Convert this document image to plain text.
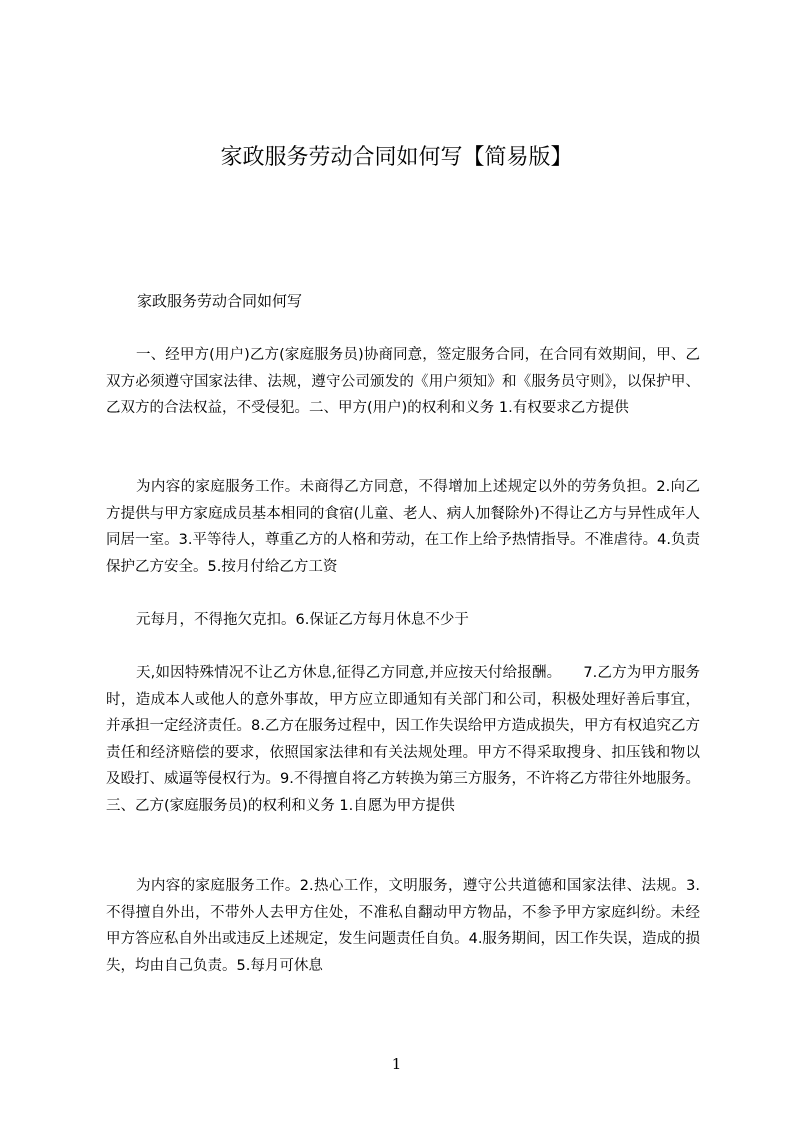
家政服务劳动合同如何写【简易版】

家政服务劳动合同如何写

一、经甲方(用户)乙方(家庭服务员)协商同意，签定服务合同，在合同有效期间，甲、乙双方必须遵守国家法律、法规，遵守公司颁发的《用户须知》和《服务员守则》，以保护甲、乙双方的合法权益，不受侵犯。二、甲方(用户)的权利和义务 1.有权要求乙方提供

为内容的家庭服务工作。未商得乙方同意，不得增加上述规定以外的劳务负担。2.向乙方提供与甲方家庭成员基本相同的食宿(儿童、老人、病人加餐除外)不得让乙方与异性成年人同居一室。3.平等待人，尊重乙方的人格和劳动，在工作上给予热情指导。不准虐待。4.负责保护乙方安全。5.按月付给乙方工资

元每月，不得拖欠克扣。6.保证乙方每月休息不少于

天,如因特殊情况不让乙方休息,征得乙方同意,并应按天付给报酬。　　7.乙方为甲方服务时，造成本人或他人的意外事故，甲方应立即通知有关部门和公司，积极处理好善后事宜，并承担一定经济责任。8.乙方在服务过程中，因工作失误给甲方造成损失，甲方有权追究乙方责任和经济赔偿的要求，依照国家法律和有关法规处理。甲方不得采取搜身、扣压钱和物以及殴打、威逼等侵权行为。9.不得擅自将乙方转换为第三方服务，不许将乙方带往外地服务。三、乙方(家庭服务员)的权利和义务 1.自愿为甲方提供

为内容的家庭服务工作。2.热心工作，文明服务，遵守公共道德和国家法律、法规。3.不得擅自外出，不带外人去甲方住处，不准私自翻动甲方物品，不参予甲方家庭纠纷。未经甲方答应私自外出或违反上述规定，发生问题责任自负。4.服务期间，因工作失误，造成的损失，均由自己负责。5.每月可休息

1
